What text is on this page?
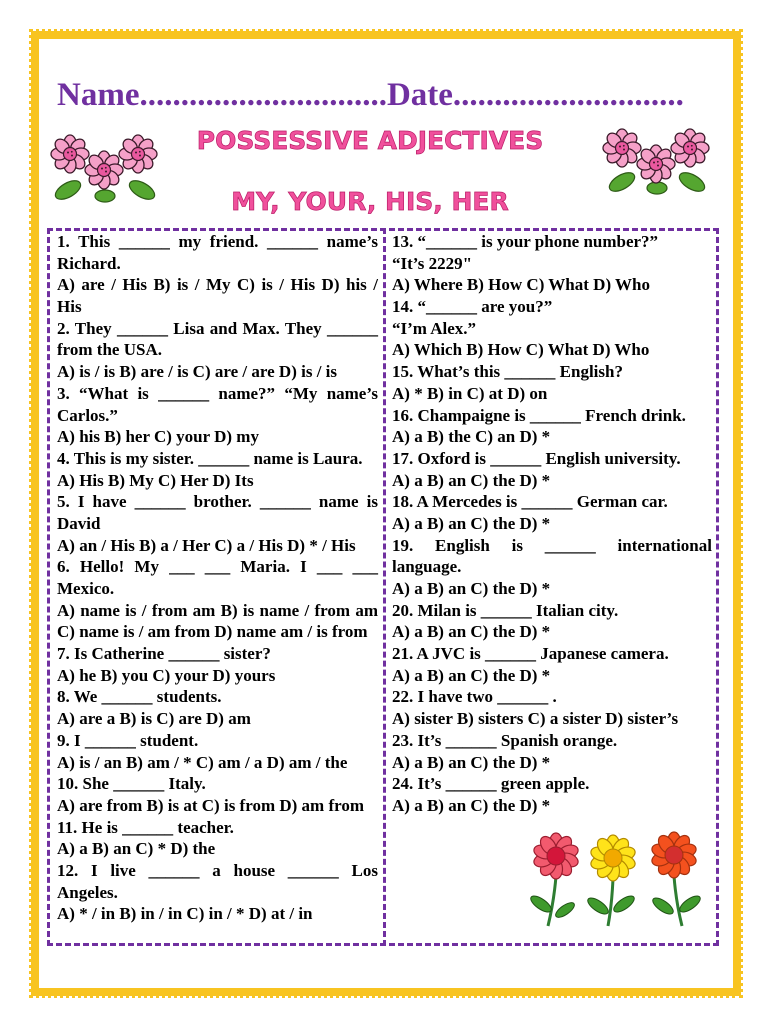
Name..............................Date............................
POSSESSIVE ADJECTIVES
MY, YOUR, HIS, HER
1. This ______ my friend. ______ name’s
Richard.
A) are / His B) is / My C) is / His D) his /
His
2. They ______ Lisa and Max. They ______
from the USA.
A) is / is B) are / is C) are / are D) is / is
3. “What is ______ name?” “My name’s
Carlos.”
A) his B) her C) your D) my
4. This is my sister. ______ name is Laura.
A) His B) My C) Her D) Its
5. I have ______ brother. ______ name is
David
A) an / His B) a / Her C) a / His D) * / His
6. Hello! My ___ ___ Maria. I ___ ___
Mexico.
A) name is / from am B) is name / from am
C) name is / am from D) name am / is from
7. Is Catherine ______ sister?
A) he B) you C) your D) yours
8. We ______ students.
A) are a B) is C) are D) am
9. I ______ student.
A) is / an B) am / * C) am / a D) am / the
10. She ______ Italy.
A) are from B) is at C) is from D) am from
11. He is ______ teacher.
A) a B) an C) * D) the
12. I live ______ a house ______ Los
Angeles.
A) * / in B) in / in C) in / * D) at / in
13. “______ is your phone number?”
“It’s 2229"
A) Where B) How C) What D) Who
14. “______ are you?”
“I’m Alex.”
A) Which B) How C) What D) Who
15. What’s this ______ English?
A) * B) in C) at D) on
16. Champaigne is ______ French drink.
A) a B) the C) an D) *
17. Oxford is ______ English university.
A) a B) an C) the D) *
18. A Mercedes is ______ German car.
A) a B) an C) the D) *
19. English is ______ international
language.
A) a B) an C) the D) *
20. Milan is ______ Italian city.
A) a B) an C) the D) *
21. A JVC is ______ Japanese camera.
A) a B) an C) the D) *
22. I have two ______ .
A) sister B) sisters C) a sister D) sister’s
23. It’s ______ Spanish orange.
A) a B) an C) the D) *
24. It’s ______ green apple.
A) a B) an C) the D) *
